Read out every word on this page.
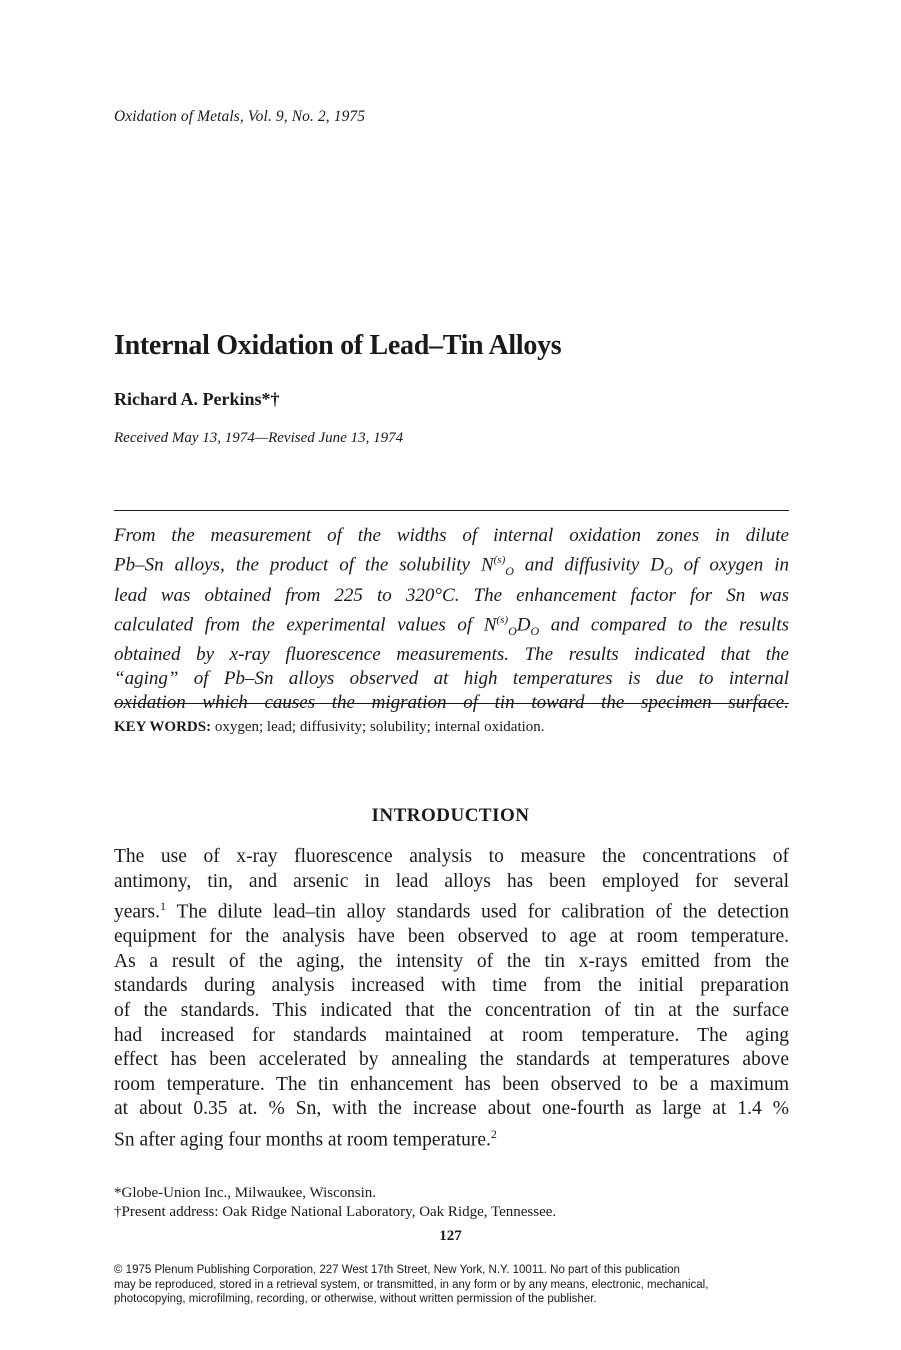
Oxidation of Metals, Vol. 9, No. 2, 1975
Internal Oxidation of Lead–Tin Alloys
Richard A. Perkins*†
Received May 13, 1974—Revised June 13, 1974
From the measurement of the widths of internal oxidation zones in dilute
Pb–Sn alloys, the product of the solubility $N^{(s)}_O$ and diffusivity $D_O$ of oxygen in
lead was obtained from 225 to 320°C. The enhancement factor for Sn was
calculated from the experimental values of $N^{(s)}_OD_O$ and compared to the results
obtained by x-ray fluorescence measurements. The results indicated that the
“aging” of Pb–Sn alloys observed at high temperatures is due to internal
oxidation which causes the migration of tin toward the specimen surface.
KEY WORDS: oxygen; lead; diffusivity; solubility; internal oxidation.
INTRODUCTION
The use of x-ray fluorescence analysis to measure the concentrations of
antimony, tin, and arsenic in lead alloys has been employed for several
years.$^1$ The dilute lead–tin alloy standards used for calibration of the detection
equipment for the analysis have been observed to age at room temperature.
As a result of the aging, the intensity of the tin x-rays emitted from the
standards during analysis increased with time from the initial preparation
of the standards. This indicated that the concentration of tin at the surface
had increased for standards maintained at room temperature. The aging
effect has been accelerated by annealing the standards at temperatures above
room temperature. The tin enhancement has been observed to be a maximum
at about 0.35 at. % Sn, with the increase about one-fourth as large at 1.4 %
Sn after aging four months at room temperature.$^2$
*Globe-Union Inc., Milwaukee, Wisconsin.
†Present address: Oak Ridge National Laboratory, Oak Ridge, Tennessee.
127
© 1975 Plenum Publishing Corporation, 227 West 17th Street, New York, N.Y. 10011. No part of this publication
may be reproduced, stored in a retrieval system, or transmitted, in any form or by any means, electronic, mechanical,
photocopying, microfilming, recording, or otherwise, without written permission of the publisher.
